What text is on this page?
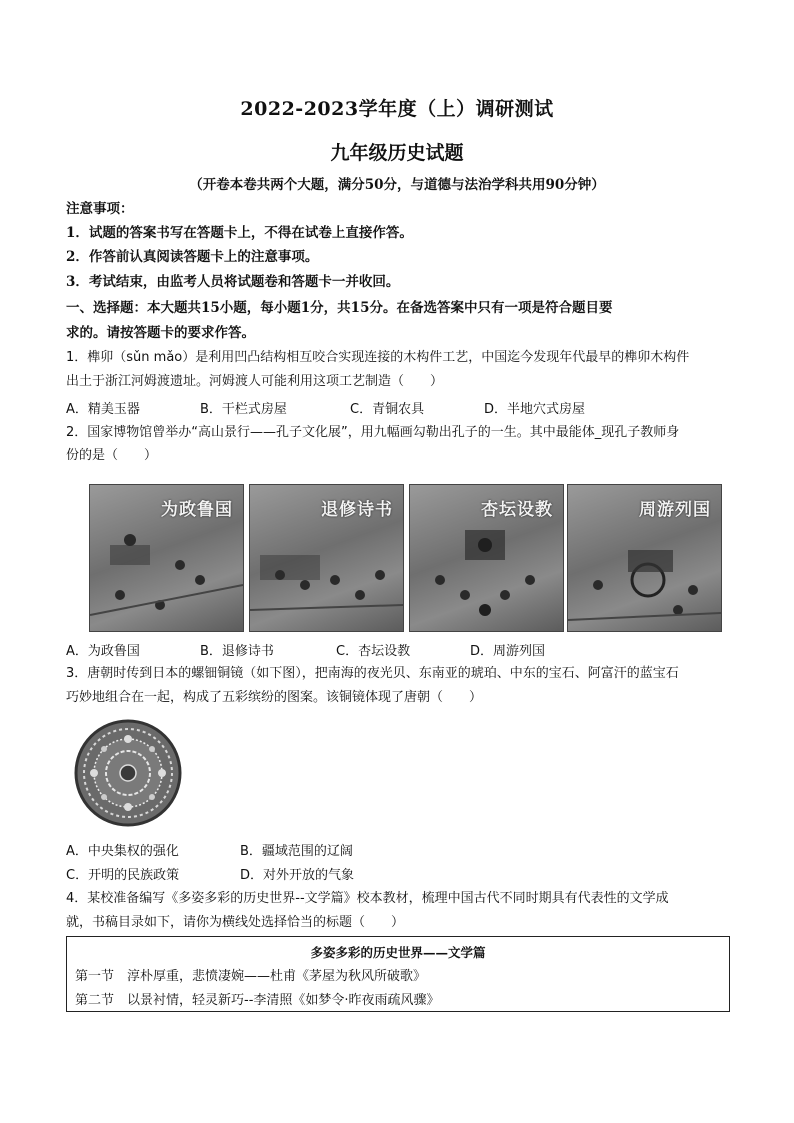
2022-2023学年度（上）调研测试
九年级历史试题
（开卷本卷共两个大题，满分50分，与道德与法治学科共用90分钟）
注意事项：
1．试题的答案书写在答题卡上，不得在试卷上直接作答。
2．作答前认真阅读答题卡上的注意事项。
3．考试结束，由监考人员将试题卷和答题卡一并收回。
一、选择题：本大题共15小题，每小题1分，共15分。在备选答案中只有一项是符合题目要
求的。请按答题卡的要求作答。
1．榫卯（sǔn mǎo）是利用凹凸结构相互咬合实现连接的木构件工艺，中国迄今发现年代最早的榫卯木构件
出土于浙江河姆渡遗址。河姆渡人可能利用这项工艺制造（　　）
A．精美玉器	B．干栏式房屋	C．青铜农具	D．半地穴式房屋
2．国家博物馆曾举办“高山景行——孔子文化展”，用九幅画勾勒出孔子的一生。其中最能体_现孔子教师身
份的是（　　）
为政鲁国	退修诗书	杏坛设教	周游列国
A．为政鲁国	B．退修诗书	C．杏坛设教	D．周游列国
3．唐朝时传到日本的螺钿铜镜（如下图），把南海的夜光贝、东南亚的琥珀、中东的宝石、阿富汗的蓝宝石
巧妙地组合在一起，构成了五彩缤纷的图案。该铜镜体现了唐朝（　　）
A．中央集权的强化	B．疆域范围的辽阔
C．开明的民族政策	D．对外开放的气象
4．某校准备编写《多姿多彩的历史世界--文学篇》校本教材，梳理中国古代不同时期具有代表性的文学成
就，书稿目录如下，请你为横线处选择恰当的标题（　　）
多姿多彩的历史世界——文学篇
第一节　淳朴厚重，悲愤凄婉——杜甫《茅屋为秋风所破歌》
第二节　以景衬情，轻灵新巧--李清照《如梦令·昨夜雨疏风骤》
